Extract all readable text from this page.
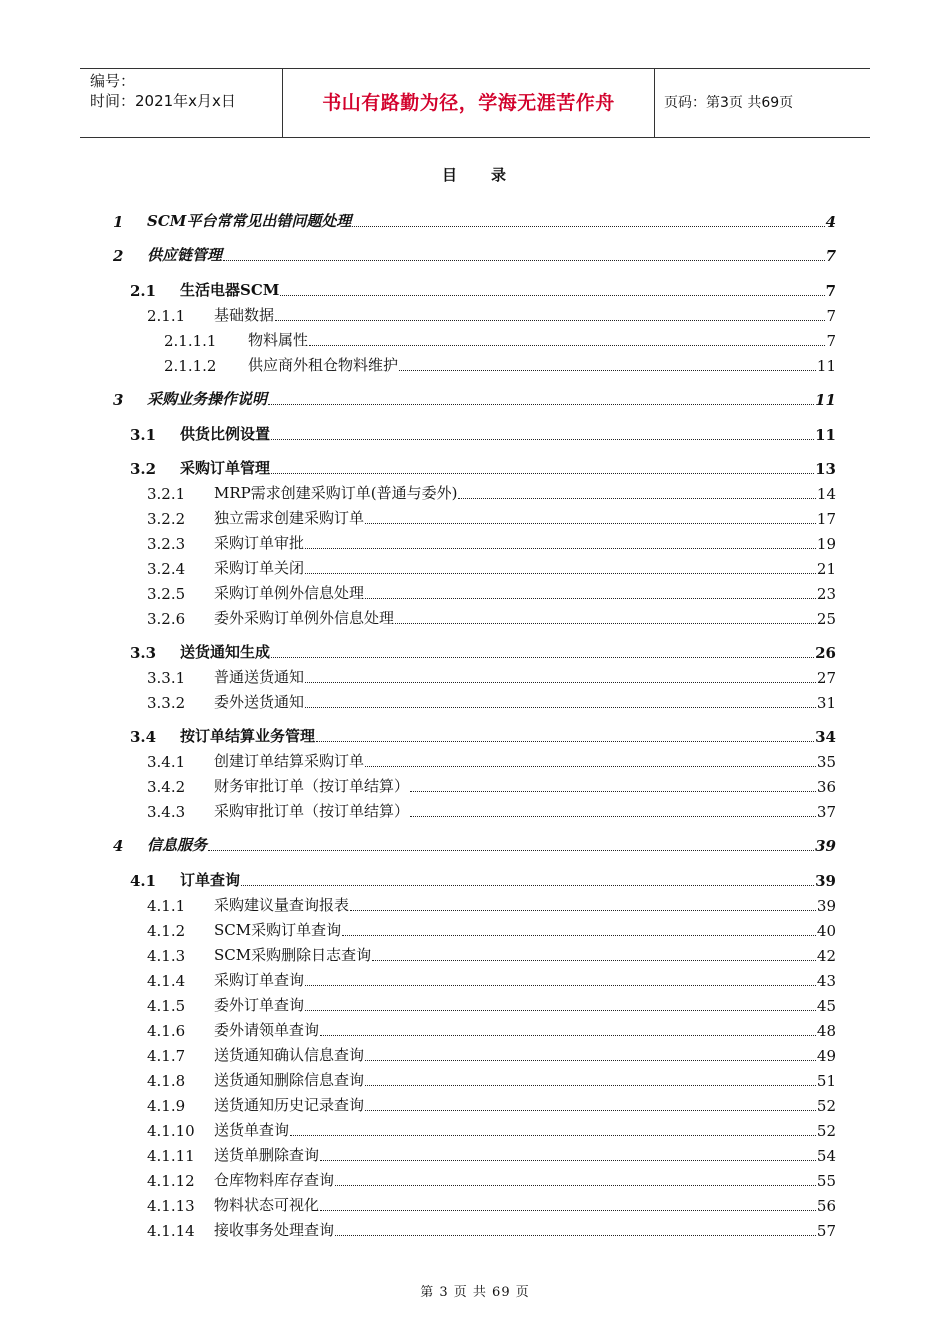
编号：
时间：2021年x月x日	书山有路勤为径，学海无涯苦作舟	页码：第3页 共69页
目 录
1 SCM平台常常见出错问题处理	4
2 供应链管理	7
2.1 生活电器SCM	7
2.1.1 基础数据	7
2.1.1.1 物料属性	7
2.1.1.2 供应商外租仓物料维护	11
3 采购业务操作说明	11
3.1 供货比例设置	11
3.2 采购订单管理	13
3.2.1 MRP需求创建采购订单(普通与委外)	14
3.2.2 独立需求创建采购订单	17
3.2.3 采购订单审批	19
3.2.4 采购订单关闭	21
3.2.5 采购订单例外信息处理	23
3.2.6 委外采购订单例外信息处理	25
3.3 送货通知生成	26
3.3.1 普通送货通知	27
3.3.2 委外送货通知	31
3.4 按订单结算业务管理	34
3.4.1 创建订单结算采购订单	35
3.4.2 财务审批订单（按订单结算）	36
3.4.3 采购审批订单（按订单结算）	37
4 信息服务	39
4.1 订单查询	39
4.1.1 采购建议量查询报表	39
4.1.2 SCM采购订单查询	40
4.1.3 SCM采购删除日志查询	42
4.1.4 采购订单查询	43
4.1.5 委外订单查询	45
4.1.6 委外请领单查询	48
4.1.7 送货通知确认信息查询	49
4.1.8 送货通知删除信息查询	51
4.1.9 送货通知历史记录查询	52
4.1.10 送货单查询	52
4.1.11 送货单删除查询	54
4.1.12 仓库物料库存查询	55
4.1.13 物料状态可视化	56
4.1.14 接收事务处理查询	57
第 3 页 共 69 页
